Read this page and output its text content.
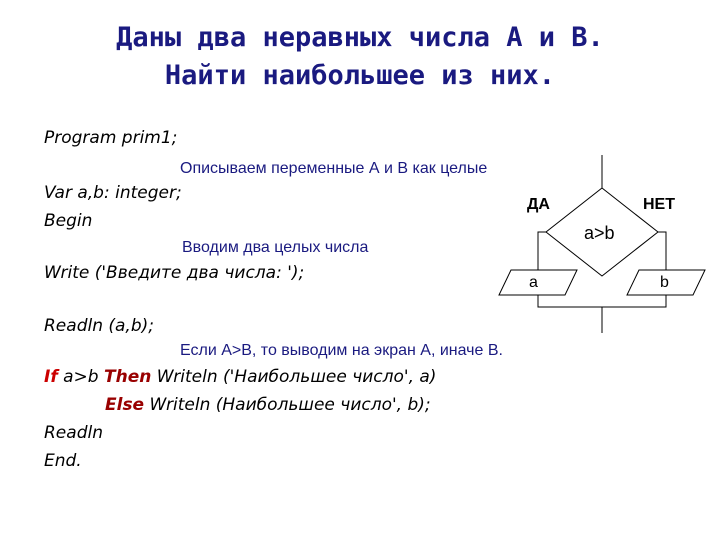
Даны два неравных числа А и В.
Найти наибольшее из них.
Program prim1;
Описываем переменные А и В как целые
Var a,b: integer;
Begin
Вводим два целых числа
Write ('Введите два числа: ');
Readln (a,b);
Если A>B, то выводим на экран А, иначе В.
If a>b Then Writeln ('Наибольшее число', a)
Else Writeln (Наибольшее число', b);
Readln
End.
ДА	НЕТ
a>b
a	b
